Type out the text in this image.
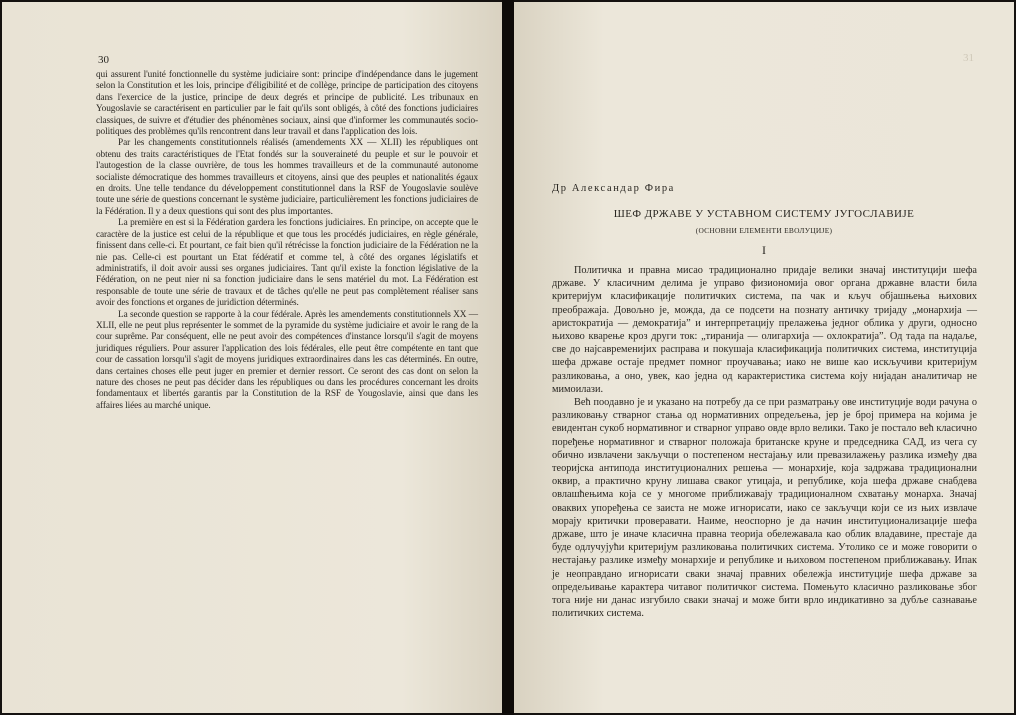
30

qui assurent l'unité fonctionnelle du système judiciaire sont: principe d'indépendance dans le jugement selon la Constitution et les lois, principe d'éligibilité et de collège, principe de participation des citoyens dans l'exercice de la justice, principe de deux degrés et principe de publicité. Les tribunaux en Yougoslavie se caractérisent en particulier par le fait qu'ils sont obligés, à côté des fonctions judiciaires classiques, de suivre et d'étudier des phénomènes sociaux, ainsi que d'informer les communautés socio-politiques des problèmes qu'ils rencontrent dans leur travail et dans l'application des lois.

Par les changements constitutionnels réalisés (amendements XX — XLII) les républiques ont obtenu des traits caractéristiques de l'Etat fondés sur la souveraineté du peuple et sur le pouvoir et l'autogestion de la classe ouvrière, de tous les hommes travailleurs et de la communauté autonome socialiste démocratique des hommes travailleurs et citoyens, ainsi que des peuples et nationalités égaux en droits. Une telle tendance du développement constitutionnel dans la RSF de Yougoslavie soulève toute une série de questions concernant le système judiciaire, particulièrement les fonctions judiciaires de la Fédération. Il y a deux questions qui sont des plus importantes.

La première en est si la Fédération gardera les fonctions judiciaires. En principe, on accepte que le caractère de la justice est celui de la république et que tous les procédés judiciaires, en règle générale, finissent dans celle-ci. Et pourtant, ce fait bien qu'il rétrécisse la fonction judiciaire de la Fédération ne la nie pas. Celle-ci est pourtant un Etat fédératif et comme tel, à côté des organes législatifs et administratifs, il doit avoir aussi ses organes judiciaires. Tant qu'il existe la fonction législative de la Fédération, on ne peut nier ni sa fonction judiciaire dans le sens matériel du mot. La Fédération est responsable de toute une série de travaux et de tâches qu'elle ne peut pas complètement réaliser sans avoir des fonctions et organes de juridiction déterminés.

La seconde question se rapporte à la cour fédérale. Après les amendements constitutionnels XX — XLII, elle ne peut plus représenter le sommet de la pyramide du système judiciaire et avoir le rang de la cour suprême. Par conséquent, elle ne peut avoir des compétences d'instance lorsqu'il s'agit de moyens juridiques réguliers. Pour assurer l'application des lois fédérales, elle peut être compétente en tant que cour de cassation lorsqu'il s'agit de moyens juridiques extraordinaires dans les cas déterminés. En outre, dans certaines choses elle peut juger en premier et dernier ressort. Ce seront des cas dont on selon la nature des choses ne peut pas décider dans les républiques ou dans les procédures concernant les droits fondamentaux et libertés garantis par la Constitution de la RSF de Yougoslavie, ainsi que dans les affaires liées au marché unique.

31
Др Александар Фира
ШЕФ ДРЖАВЕ У УСТАВНОМ СИСТЕМУ ЈУГОСЛАВИЈЕ
(ОСНОВНИ ЕЛЕМЕНТИ ЕВОЛУЦИЈЕ)
I

Политичка и правна мисао традиционално придаје велики значај институцији шефа државе. У класичним делима је управо физиономија овог органа државне власти била критеријум класификације политичких система, па чак и кључ објашњења њихових преображаја. Довољно је, можда, да се подсети на познату античку тријаду „монархија — аристократија — демократија” и интерпретацију прелажења једног облика у други, односно њихово кварење кроз други ток: „тиранија — олигархија — охлократија”. Од тада па надаље, све до најсавременијих расправа и покушаја класификација политичких система, институција шефа државе остаје предмет помног проучавања; иако не више као искључиви критеријум разликовања, а оно, увек, као једна од карактеристика система коју нијадан аналитичар не мимоилази.

Већ поодавно је и указано на потребу да се при разматрању ове институције води рачуна о разликовању стварног стања од нормативних опредељења, јер је број примера на којима је евидентан сукоб нормативног и стварног управо овде врло велики. Тако је постало већ класично поређење нормативног и стварног положаја британске круне и председника САД, из чега су обично извлачени закључци о постепеном нестајању или превазилажењу разлика између два теоријска антипода институционалних решења — монархије, која задржава традиционални оквир, а практично круну лишава сваког утицаја, и републике, која шефа државе снабдева овлашћењима која се у многоме приближавају традиционалном схватању монарха. Значај оваквих упоређења се заиста не може игнорисати, иако се закључци који се из њих извлаче морају критички проверавати. Наиме, неоспорно је да начин институционализације шефа државе, што је иначе класична правна теорија обележавала као облик владавине, престаје да буде одлучујући критеријум разликовања политичких система. Утолико се и може говорити о нестајању разлике између монархије и републике и њиховом постепеном приближавању. Ипак је неоправдано игнорисати сваки значај правних обележја институције шефа државе за опредељивање карактера читавог политичког система. Помењуто класично разликовање због тога није ни данас изгубило сваки значај и може бити врло индикативно за дубље сазнавање политичких система.
